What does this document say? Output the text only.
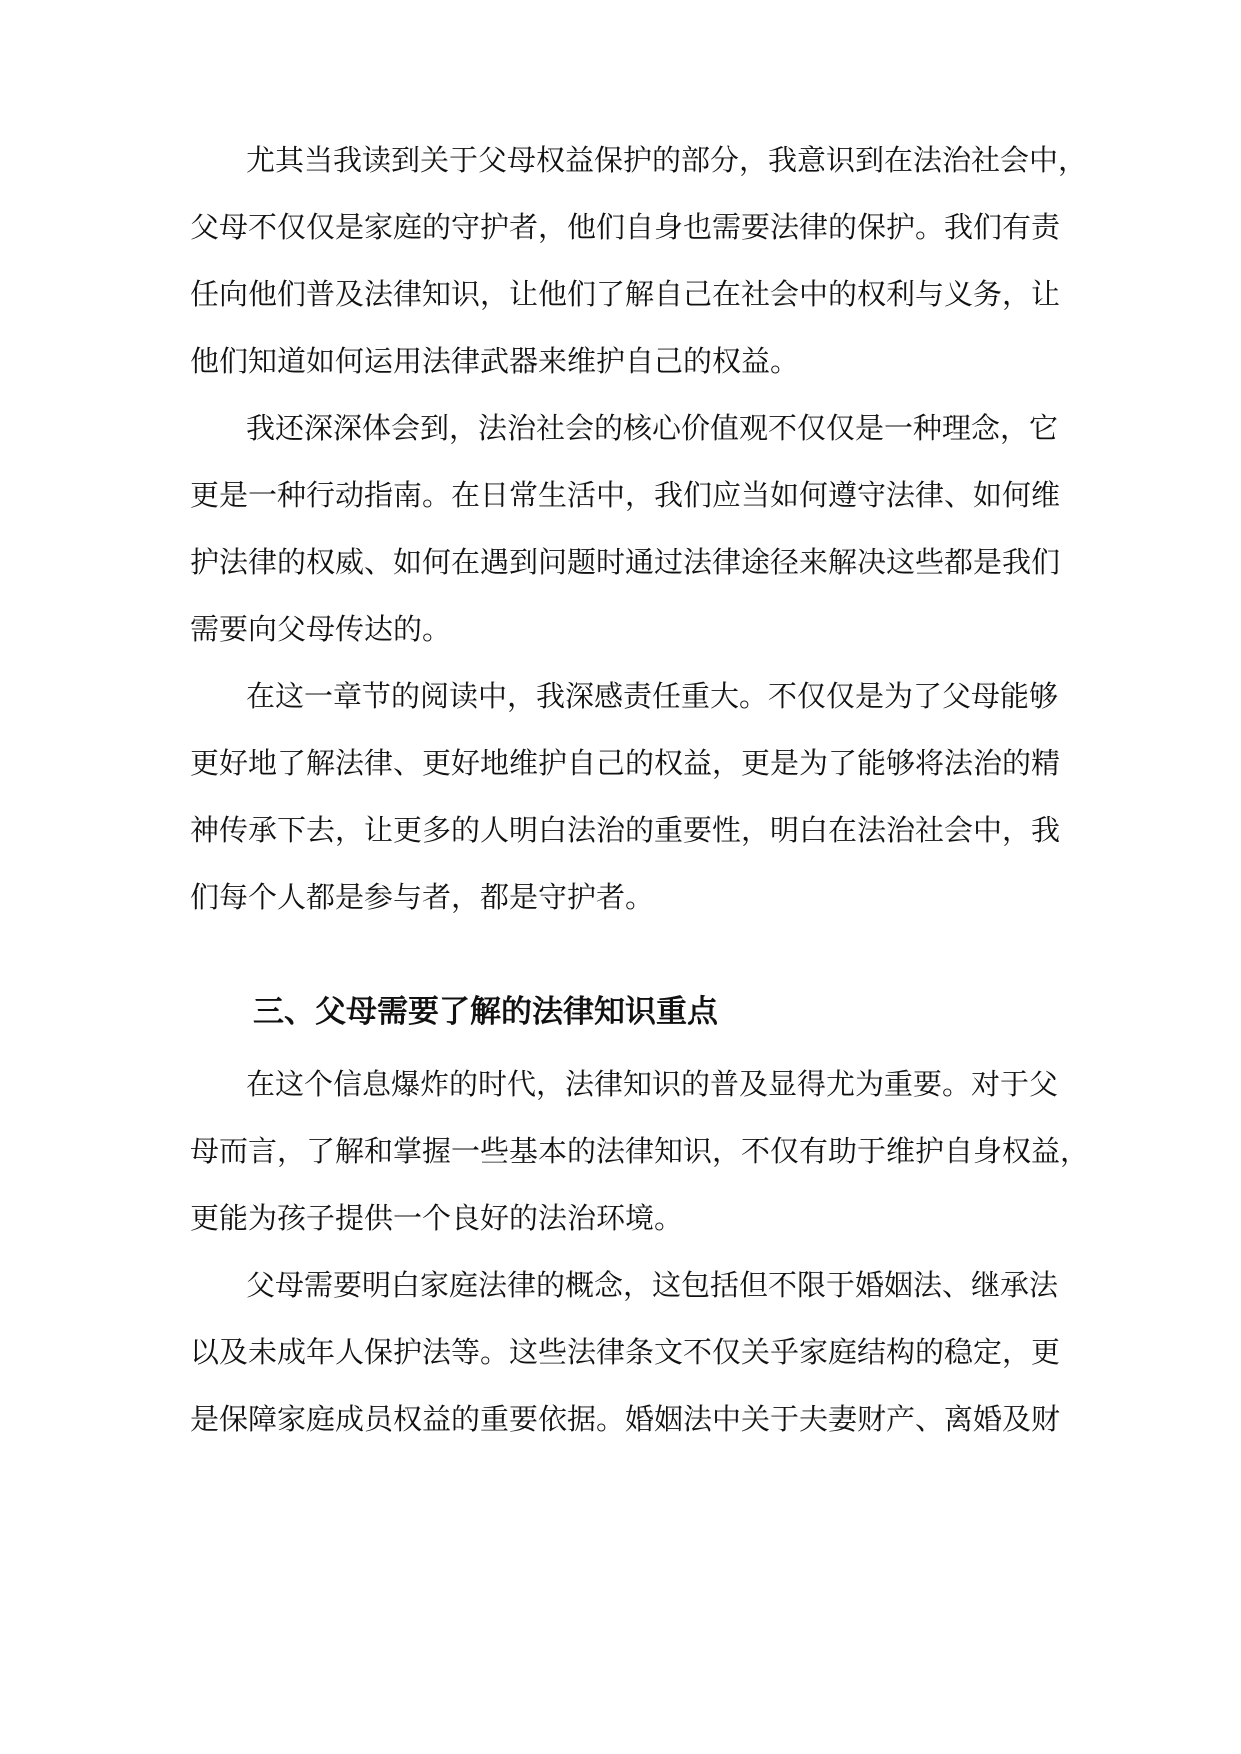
尤其当我读到关于父母权益保护的部分，我意识到在法治社会中，
父母不仅仅是家庭的守护者，他们自身也需要法律的保护。我们有责
任向他们普及法律知识，让他们了解自己在社会中的权利与义务，让
他们知道如何运用法律武器来维护自己的权益。
我还深深体会到，法治社会的核心价值观不仅仅是一种理念，它
更是一种行动指南。在日常生活中，我们应当如何遵守法律、如何维
护法律的权威、如何在遇到问题时通过法律途径来解决这些都是我们
需要向父母传达的。
在这一章节的阅读中，我深感责任重大。不仅仅是为了父母能够
更好地了解法律、更好地维护自己的权益，更是为了能够将法治的精
神传承下去，让更多的人明白法治的重要性，明白在法治社会中，我
们每个人都是参与者，都是守护者。
三、父母需要了解的法律知识重点
在这个信息爆炸的时代，法律知识的普及显得尤为重要。对于父
母而言，了解和掌握一些基本的法律知识，不仅有助于维护自身权益，
更能为孩子提供一个良好的法治环境。
父母需要明白家庭法律的概念，这包括但不限于婚姻法、继承法
以及未成年人保护法等。这些法律条文不仅关乎家庭结构的稳定，更
是保障家庭成员权益的重要依据。婚姻法中关于夫妻财产、离婚及财
